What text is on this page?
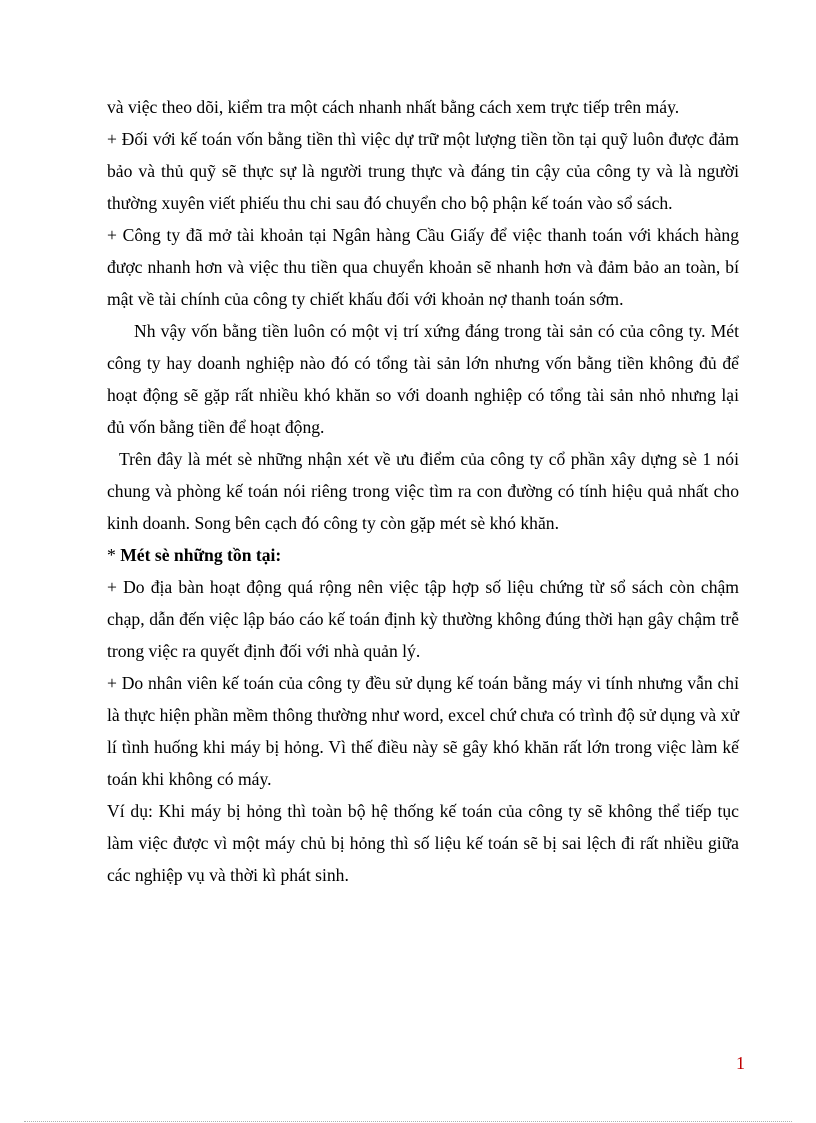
và việc theo dõi, kiểm tra một cách nhanh nhất bằng cách xem trực tiếp trên máy.

+ Đối với kế toán vốn bằng tiền thì việc dự trữ một lượng tiền tồn tại quỹ luôn được đảm bảo và thủ quỹ sẽ thực sự là người trung thực và đáng tin cậy của công ty và là người thường xuyên viết phiếu thu chi sau đó chuyển cho bộ phận kế toán vào sổ sách.

+ Công ty đã mở tài khoản tại Ngân hàng Cầu Giấy để việc thanh toán với khách hàng được nhanh hơn và việc thu tiền qua chuyển khoản sẽ nhanh hơn và đảm bảo an toàn, bí mật về tài chính của công ty chiết khấu đối với khoản nợ thanh toán sớm.

Nh vậy vốn bằng tiền luôn có một vị trí xứng đáng trong tài sản có của công ty. Mét công ty hay doanh nghiệp nào đó có tổng tài sản lớn nhưng vốn bằng tiền không đủ để hoạt động sẽ gặp rất nhiều khó khăn so với doanh nghiệp có tổng tài sản nhỏ nhưng lại đủ vốn bằng tiền để hoạt động.

Trên đây là mét sè những nhận xét về ưu điểm của công ty cổ phần xây dựng sè 1 nói chung và phòng kế toán nói riêng trong việc tìm ra con đường có tính hiệu quả nhất cho kinh doanh. Song bên cạch đó công ty còn gặp mét sè khó khăn.

* Mét sè những tồn tại:

+ Do địa bàn hoạt động quá rộng nên việc tập hợp số liệu chứng từ sổ sách còn chậm chạp, dẫn đến việc lập báo cáo kế toán định kỳ thường không đúng thời hạn gây chậm trễ trong việc ra quyết định đối với nhà quản lý.

+ Do nhân viên kế toán của công ty đều sử dụng kế toán bằng máy vi tính nhưng vẫn chỉ là thực hiện phần mềm thông thường như word, excel chứ chưa có trình độ sử dụng và xử lí tình huống khi máy bị hỏng. Vì thế điều này sẽ gây khó khăn rất lớn trong việc làm kế toán khi không có máy.

Ví dụ: Khi máy bị hỏng thì toàn bộ hệ thống kế toán của công ty sẽ không thể tiếp tục làm việc được vì một máy chủ bị hỏng thì số liệu kế toán sẽ bị sai lệch đi rất nhiều giữa các nghiệp vụ và thời kì phát sinh.

1
